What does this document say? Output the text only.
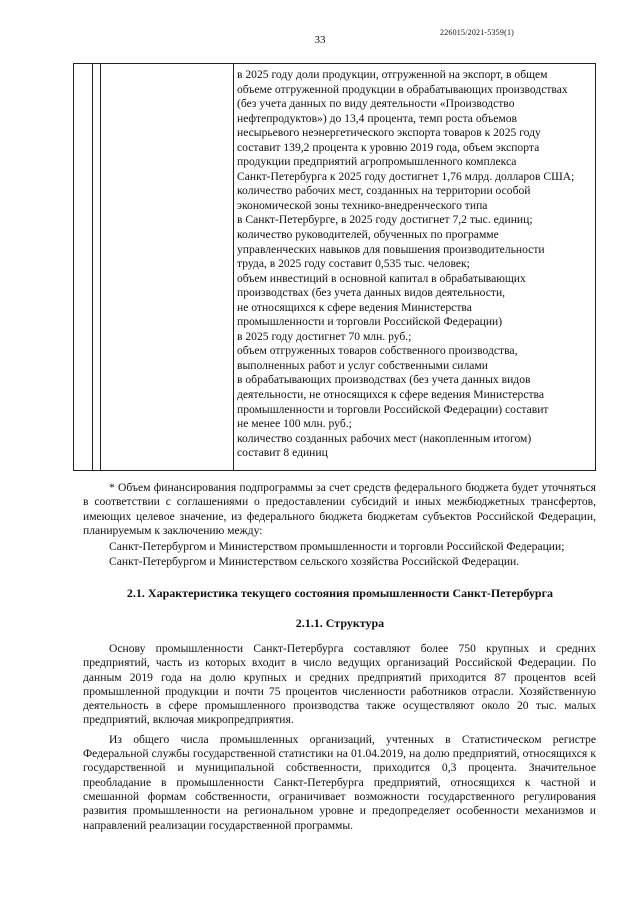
226015/2021-5359(1)
33
в 2025 году доли продукции, отгруженной на экспорт, в общем
объеме отгруженной продукции в обрабатывающих производствах
(без учета данных по виду деятельности «Производство
нефтепродуктов») до 13,4 процента, темп роста объемов
несырьевого неэнергетического экспорта товаров к 2025 году
составит 139,2 процента к уровню 2019 года, объем экспорта
продукции предприятий агропромышленного комплекса
Санкт-Петербурга к 2025 году достигнет 1,76 млрд. долларов США;
количество рабочих мест, созданных на территории особой
экономической зоны технико-внедренческого типа
в Санкт-Петербурге, в 2025 году достигнет 7,2 тыс. единиц;
количество руководителей, обученных по программе
управленческих навыков для повышения производительности
труда, в 2025 году составит 0,535 тыс. человек;
объем инвестиций в основной капитал в обрабатывающих
производствах (без учета данных видов деятельности,
не относящихся к сфере ведения Министерства
промышленности и торговли Российской Федерации)
в 2025 году достигнет 70 млн. руб.;
объем отгруженных товаров собственного производства,
выполненных работ и услуг собственными силами
в обрабатывающих производствах (без учета данных видов
деятельности, не относящихся к сфере ведения Министерства
промышленности и торговли Российской Федерации) составит
не менее 100 млн. руб.;
количество созданных рабочих мест (накопленным итогом)
составит 8 единиц

* Объем финансирования подпрограммы за счет средств федерального бюджета будет уточняться в соответствии с соглашениями о предоставлении субсидий и иных межбюджетных трансфертов, имеющих целевое значение, из федерального бюджета бюджетам субъектов Российской Федерации, планируемым к заключению между:

Санкт-Петербургом и Министерством промышленности и торговли Российской Федерации;

Санкт-Петербургом и Министерством сельского хозяйства Российской Федерации.

2.1. Характеристика текущего состояния промышленности Санкт-Петербурга
2.1.1. Структура

Основу промышленности Санкт-Петербурга составляют более 750 крупных и средних предприятий, часть из которых входит в число ведущих организаций Российской Федерации. По данным 2019 года на долю крупных и средних предприятий приходится 87 процентов всей промышленной продукции и почти 75 процентов численности работников отрасли. Хозяйственную деятельность в сфере промышленного производства также осуществляют около 20 тыс. малых предприятий, включая микропредприятия.

Из общего числа промышленных организаций, учтенных в Статистическом регистре Федеральной службы государственной статистики на 01.04.2019, на долю предприятий, относящихся к государственной и муниципальной собственности, приходится 0,3 процента. Значительное преобладание в промышленности Санкт-Петербурга предприятий, относящихся к частной и смешанной формам собственности, ограничивает возможности государственного регулирования развития промышленности на региональном уровне и предопределяет особенности механизмов и направлений реализации государственной программы.
